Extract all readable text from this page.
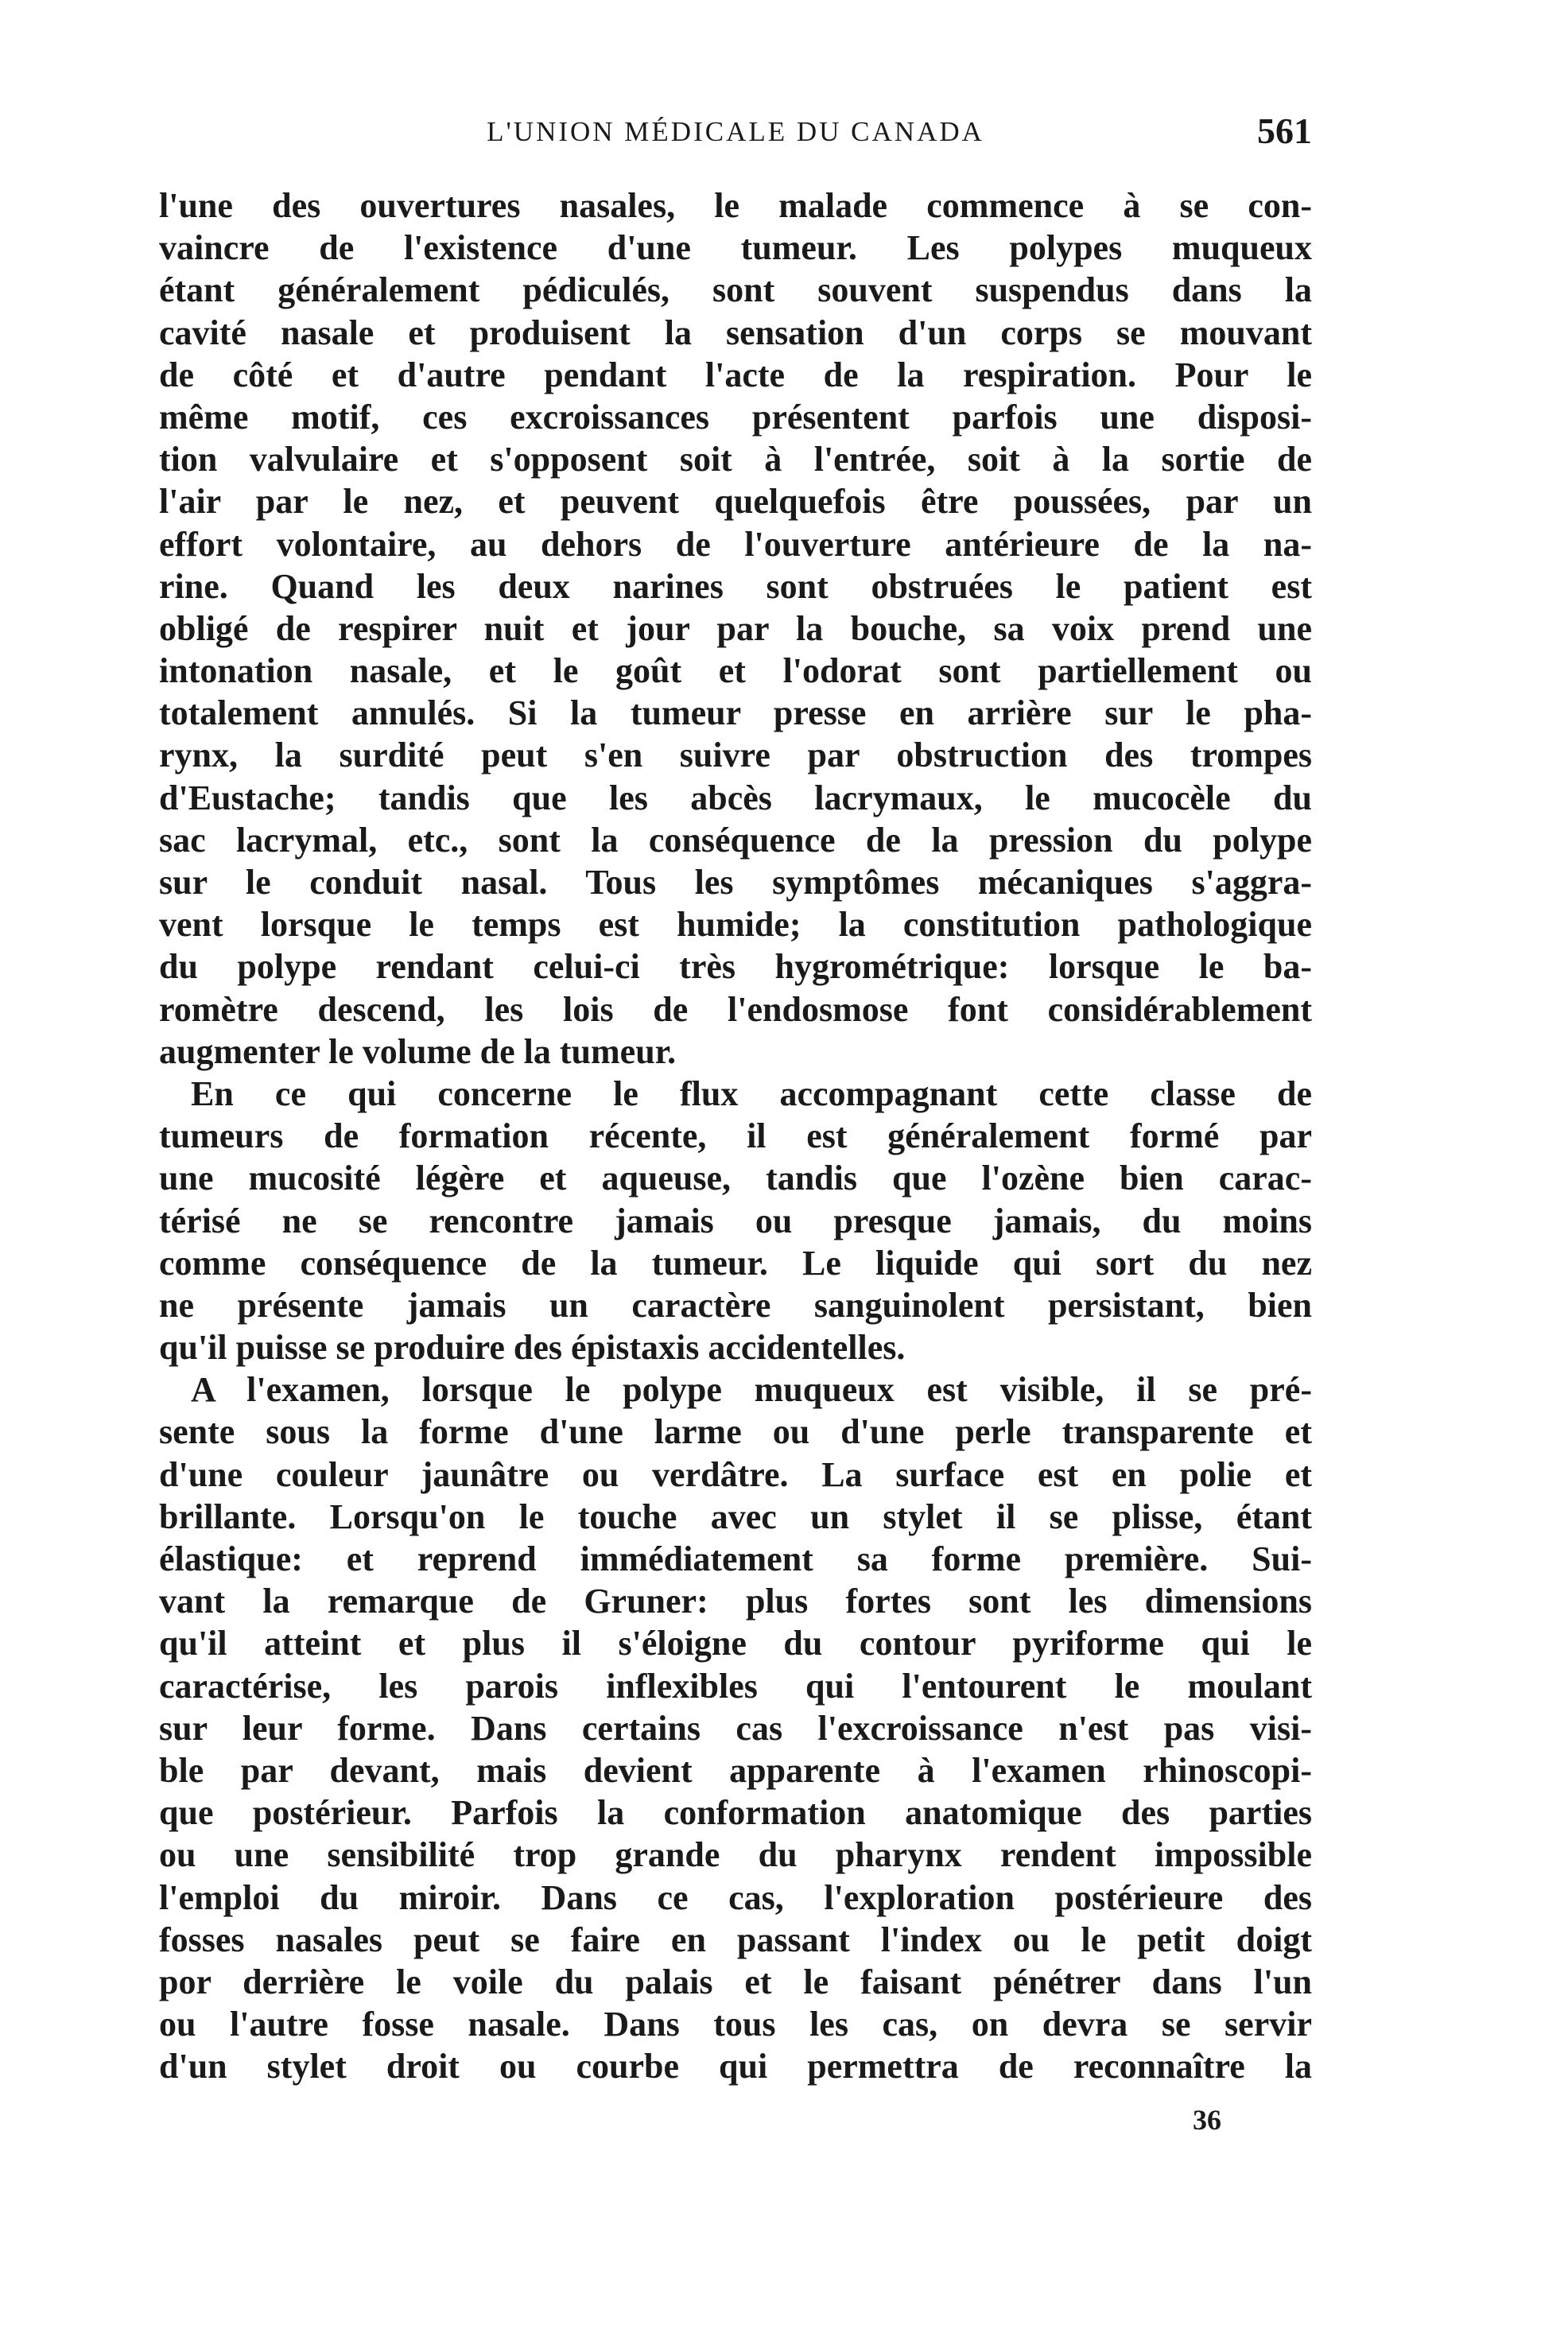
L'UNION MÉDICALE DU CANADA	561
l'une des ouvertures nasales, le malade commence à se con-
vaincre de l'existence d'une tumeur. Les polypes muqueux
étant généralement pédiculés, sont souvent suspendus dans la
cavité nasale et produisent la sensation d'un corps se mouvant
de côté et d'autre pendant l'acte de la respiration. Pour le
même motif, ces excroissances présentent parfois une disposi-
tion valvulaire et s'opposent soit à l'entrée, soit à la sortie de
l'air par le nez, et peuvent quelquefois être poussées, par un
effort volontaire, au dehors de l'ouverture antérieure de la na-
rine. Quand les deux narines sont obstruées le patient est
obligé de respirer nuit et jour par la bouche, sa voix prend une
intonation nasale, et le goût et l'odorat sont partiellement ou
totalement annulés. Si la tumeur presse en arrière sur le pha-
rynx, la surdité peut s'en suivre par obstruction des trompes
d'Eustache; tandis que les abcès lacrymaux, le mucocèle du
sac lacrymal, etc., sont la conséquence de la pression du polype
sur le conduit nasal. Tous les symptômes mécaniques s'aggra-
vent lorsque le temps est humide; la constitution pathologique
du polype rendant celui-ci très hygrométrique: lorsque le ba-
romètre descend, les lois de l'endosmose font considérablement
augmenter le volume de la tumeur.
En ce qui concerne le flux accompagnant cette classe de
tumeurs de formation récente, il est généralement formé par
une mucosité légère et aqueuse, tandis que l'ozène bien carac-
térisé ne se rencontre jamais ou presque jamais, du moins
comme conséquence de la tumeur. Le liquide qui sort du nez
ne présente jamais un caractère sanguinolent persistant, bien
qu'il puisse se produire des épistaxis accidentelles.
A l'examen, lorsque le polype muqueux est visible, il se pré-
sente sous la forme d'une larme ou d'une perle transparente et
d'une couleur jaunâtre ou verdâtre. La surface est en polie et
brillante. Lorsqu'on le touche avec un stylet il se plisse, étant
élastique: et reprend immédiatement sa forme première. Sui-
vant la remarque de Gruner: plus fortes sont les dimensions
qu'il atteint et plus il s'éloigne du contour pyriforme qui le
caractérise, les parois inflexibles qui l'entourent le moulant
sur leur forme. Dans certains cas l'excroissance n'est pas visi-
ble par devant, mais devient apparente à l'examen rhinoscopi-
que postérieur. Parfois la conformation anatomique des parties
ou une sensibilité trop grande du pharynx rendent impossible
l'emploi du miroir. Dans ce cas, l'exploration postérieure des
fosses nasales peut se faire en passant l'index ou le petit doigt
por derrière le voile du palais et le faisant pénétrer dans l'un
ou l'autre fosse nasale. Dans tous les cas, on devra se servir
d'un stylet droit ou courbe qui permettra de reconnaître la
36
